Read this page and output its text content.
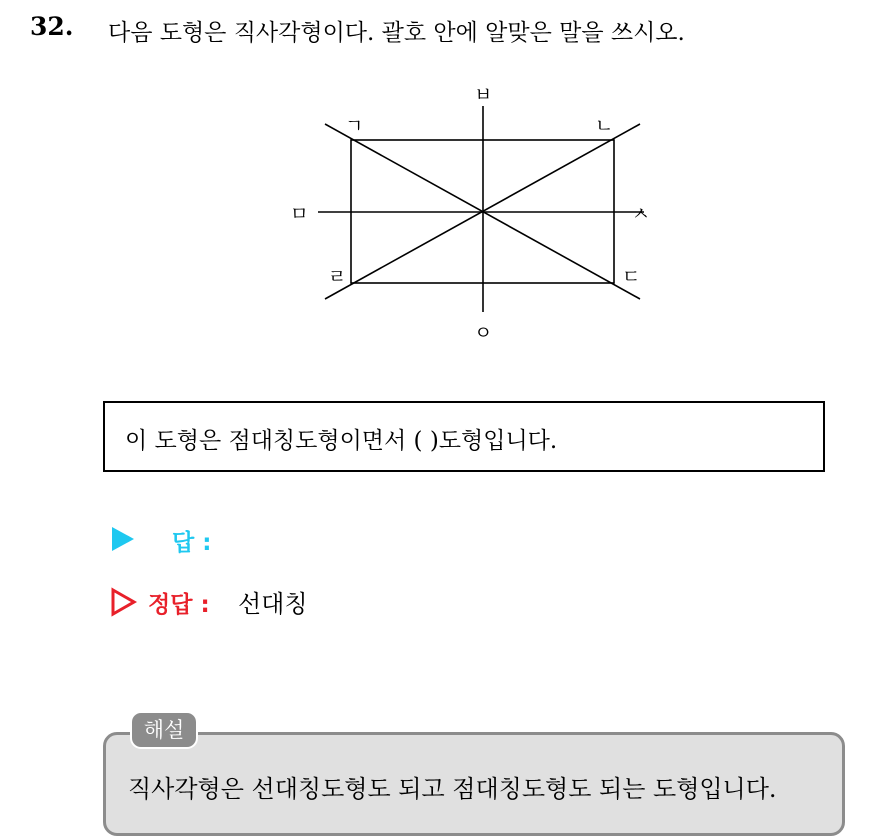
32. 다음 도형은 직사각형이다. 괄호 안에 알맞은 말을 쓰시오.
ㄱ	ㄴ
ㄷ
ㄹ
ㅁ
ㅂ
ㅅ
ㅇ
이 도형은 점대칭도형이면서 ( )도형입니다.
답 :
정답 : 선대칭
직사각형은 선대칭도형도 되고 점대칭도형도 되는 도형입니다.
해설
